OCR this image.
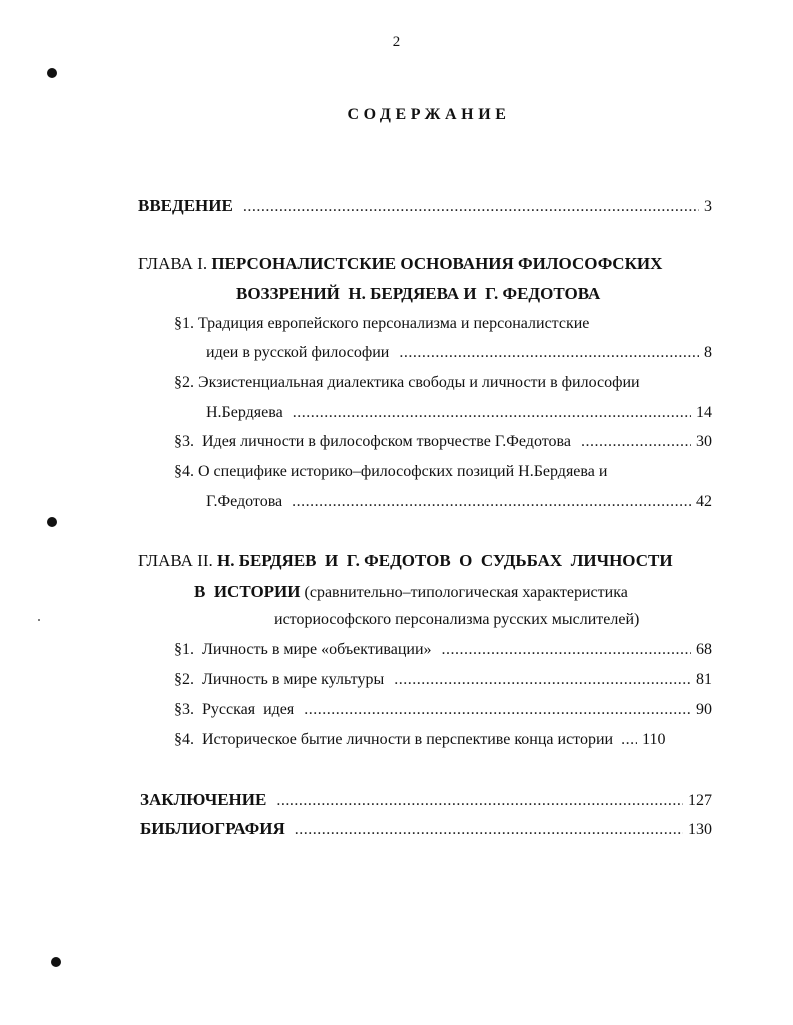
2
СОДЕРЖАНИЕ
ВВЕДЕНИЕ .....	3
ГЛАВА I. ПЕРСОНАЛИСТСКИЕ ОСНОВАНИЯ ФИЛОСОФСКИХ
ВОЗЗРЕНИЙ  Н. БЕРДЯЕВА И  Г. ФЕДОТОВА
§1. Традиция европейского персонализма и персоналистские
идеи в русской философии .....	8
§2. Экзистенциальная диалектика свободы и личности в философии
Н.Бердяева .....	14
§3.  Идея личности в философском творчестве Г.Федотова .....	30
§4. О специфике историко–философских позиций Н.Бердяева и
Г.Федотова .....	42
ГЛАВА II. Н. БЕРДЯЕВ  И  Г. ФЕДОТОВ  О  СУДЬБАХ  ЛИЧНОСТИ
В  ИСТОРИИ (сравнительно–типологическая характеристика
историософского персонализма русских мыслителей)
§1.  Личность в мире «объективации» .....	68
§2.  Личность в мире культуры .....	81
§3.  Русская  идея .....	90
§4.  Историческое бытие личности в перспективе конца истории ..... 110
ЗАКЛЮЧЕНИЕ .....	127
БИБЛИОГРАФИЯ .....	130
